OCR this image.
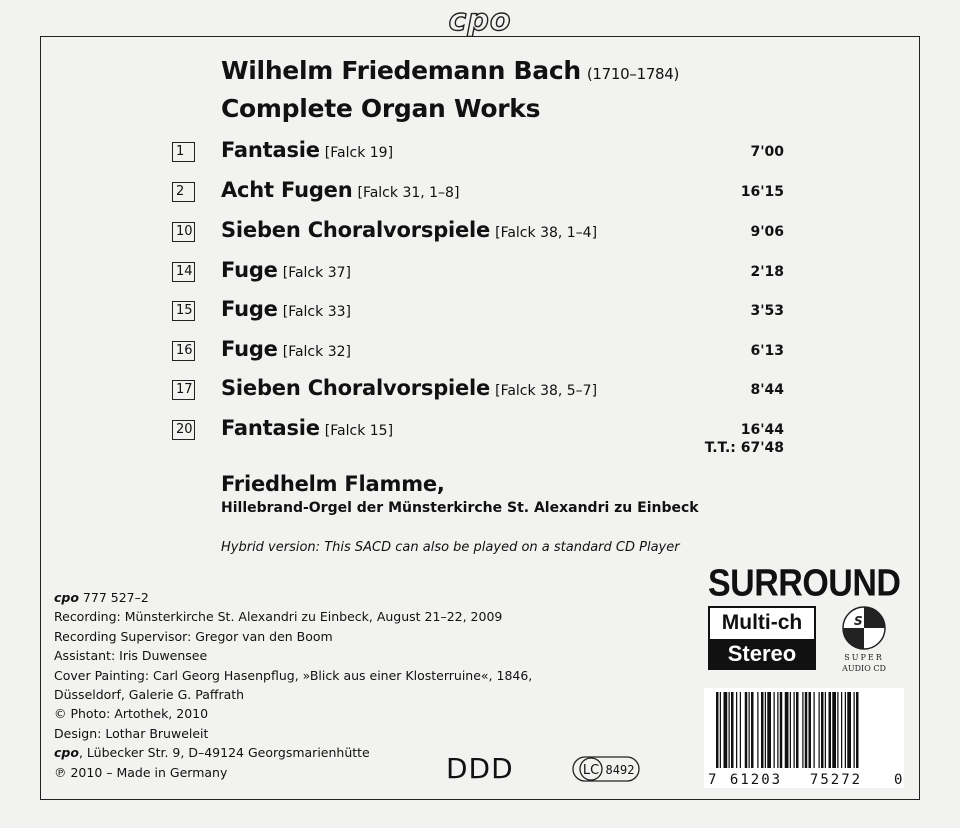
cpo
Wilhelm Friedemann Bach (1710–1784)
Complete Organ Works
1	Fantasie [Falck 19]	7'00
2	Acht Fugen [Falck 31, 1–8]	16'15
10 Sieben Choralvorspiele [Falck 38, 1–4]	9'06
14 Fuge [Falck 37]	2'18
15 Fuge [Falck 33]	3'53
16 Fuge [Falck 32]	6'13
17 Sieben Choralvorspiele [Falck 38, 5–7]	8'44
20 Fantasie [Falck 15]	16'44
T.T.: 67'48
Friedhelm Flamme,
Hillebrand-Orgel der Münsterkirche St. Alexandri zu Einbeck
Hybrid version: This SACD can also be played on a standard CD Player
cpo 777 527–2
Recording: Münsterkirche St. Alexandri zu Einbeck, August 21–22, 2009
Recording Supervisor: Gregor van den Boom
Assistant: Iris Duwensee
Cover Painting: Carl Georg Hasenpflug, »Blick aus einer Klosterruine«, 1846,
Düsseldorf, Galerie G. Paffrath
© Photo: Artothek, 2010
Design: Lothar Bruweleit
cpo, Lübecker Str. 9, D–49124 Georgsmarienhütte
℗ 2010 – Made in Germany	DDD	LC 8492
SURROUND
Multi-ch
Stereo
S
D
SUPER
AUDIO CD
7 61203 75272 0
